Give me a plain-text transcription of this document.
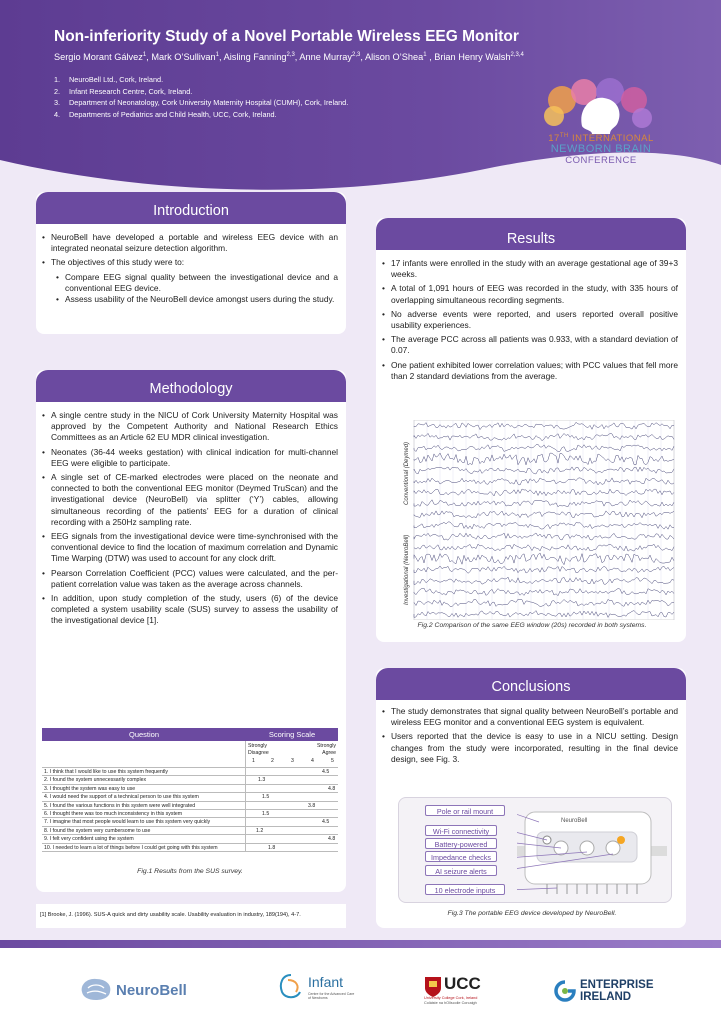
Non-inferiority Study of a Novel Portable Wireless EEG Monitor
Sergio Morant Gálvez$^1$, Mark O’Sullivan$^1$, Aisling Fanning$^{2,3}$, Anne Murray$^{2,3}$, Alison O’Shea$^1$ , Brian Henry Walsh$^{2,3,4}$
1. NeuroBell Ltd., Cork, Ireland.
2. Infant Research Centre, Cork, Ireland.
3. Department of Neonatology, Cork University Maternity Hospital (CUMH), Cork, Ireland.
4. Departments of Pediatrics and Child Health, UCC, Cork, Ireland.
17TH INTERNATIONAL
NEWBORN BRAIN
CONFERENCE
Introduction
• NeuroBell have developed a portable and wireless EEG device with an integrated neonatal seizure detection algorithm.
• The objectives of this study were to:
• Compare EEG signal quality between the investigational device and a conventional EEG device.
• Assess usability of the NeuroBell device amongst users during the study.
Methodology
• A single centre study in the NICU of Cork University Maternity Hospital was approved by the Competent Authority and National Research Ethics Committees as an Article 62 EU MDR clinical investigation.
• Neonates (36-44 weeks gestation) with clinical indication for multi-channel EEG were eligible to participate.
• A single set of CE-marked electrodes were placed on the neonate and connected to both the conventional EEG monitor (Deymed TruScan) and the investigational device (NeuroBell) via splitter (‘Y’) cables, allowing simultaneous recording of the patients’ EEG for a duration of clinical recording with a 250Hz sampling rate.
• EEG signals from the investigational device were time-synchronised with the conventional device to find the location of maximum correlation and Dynamic Time Warping (DTW) was used to account for any clock drift.
• Pearson Correlation Coefficient (PCC) values were calculated, and the per-patient correlation value was taken as the average across channels.
• In addition, upon study completion of the study, users (6) of the device completed a system usability scale (SUS) survey to assess the usability of the investigational device [1].
Question	Scoring Scale
Strongly
Disagree
Strongly
Agree
1	2	3	4	5
1. I think that I would like to use this system frequently	4.5
2. I found the system unnecessarily complex	1.3
3. I thought the system was easy to use	4.8
4. I would need the support of a technical person to use this system	1.5
5. I found the various functions in this system were well integrated	3.8
6. I thought there was too much inconsistency in this system	1.5
7. I imagine that most people would learn to use this system very quickly	4.5
8. I found the system very cumbersome to use	1.2
9. I felt very confident using the system	4.8
10. I needed to learn a lot of things before I could get going with this system	1.8
Fig.1 Results from the SUS survey.
[1] Brooke, J. (1996). SUS-A quick and dirty usability scale. Usability evaluation in industry, 189(194), 4-7.
Results
• 17 infants were enrolled in the study with an average gestational age of 39+3 weeks.
• A total of 1,091 hours of EEG was recorded in the study, with 335 hours of overlapping simultaneous recording segments.
• No adverse events were reported, and users reported overall positive usability experiences.
• The average PCC across all patients was 0.933, with a standard deviation of 0.07.
• One patient exhibited lower correlation values; with PCC values that fell more than 2 standard deviations from the average.
Conventional (Deymed)
Investigational (NeuroBell)
Fig.2 Comparison of the same EEG window (20s) recorded in both systems.
Conclusions
• The study demonstrates that signal quality between NeuroBell’s portable and wireless EEG monitor and a conventional EEG system is equivalent.
• Users reported that the device is easy to use in a NICU setting. Design changes from the study were incorporated, resulting in the final device design, see Fig. 3.
NeuroBell
Pole or rail mount
Wi-Fi connectivity
Battery-powered
Impedance checks
AI seizure alerts
10 electrode inputs
Fig.3 The portable EEG device developed by NeuroBell.
NeuroBell	Infant
Centre for the Advanced Care of Newborns
UCC
University College Cork, Ireland
Coláiste na hOllscoile Corcaigh
ENTERPRISE
IRELAND
